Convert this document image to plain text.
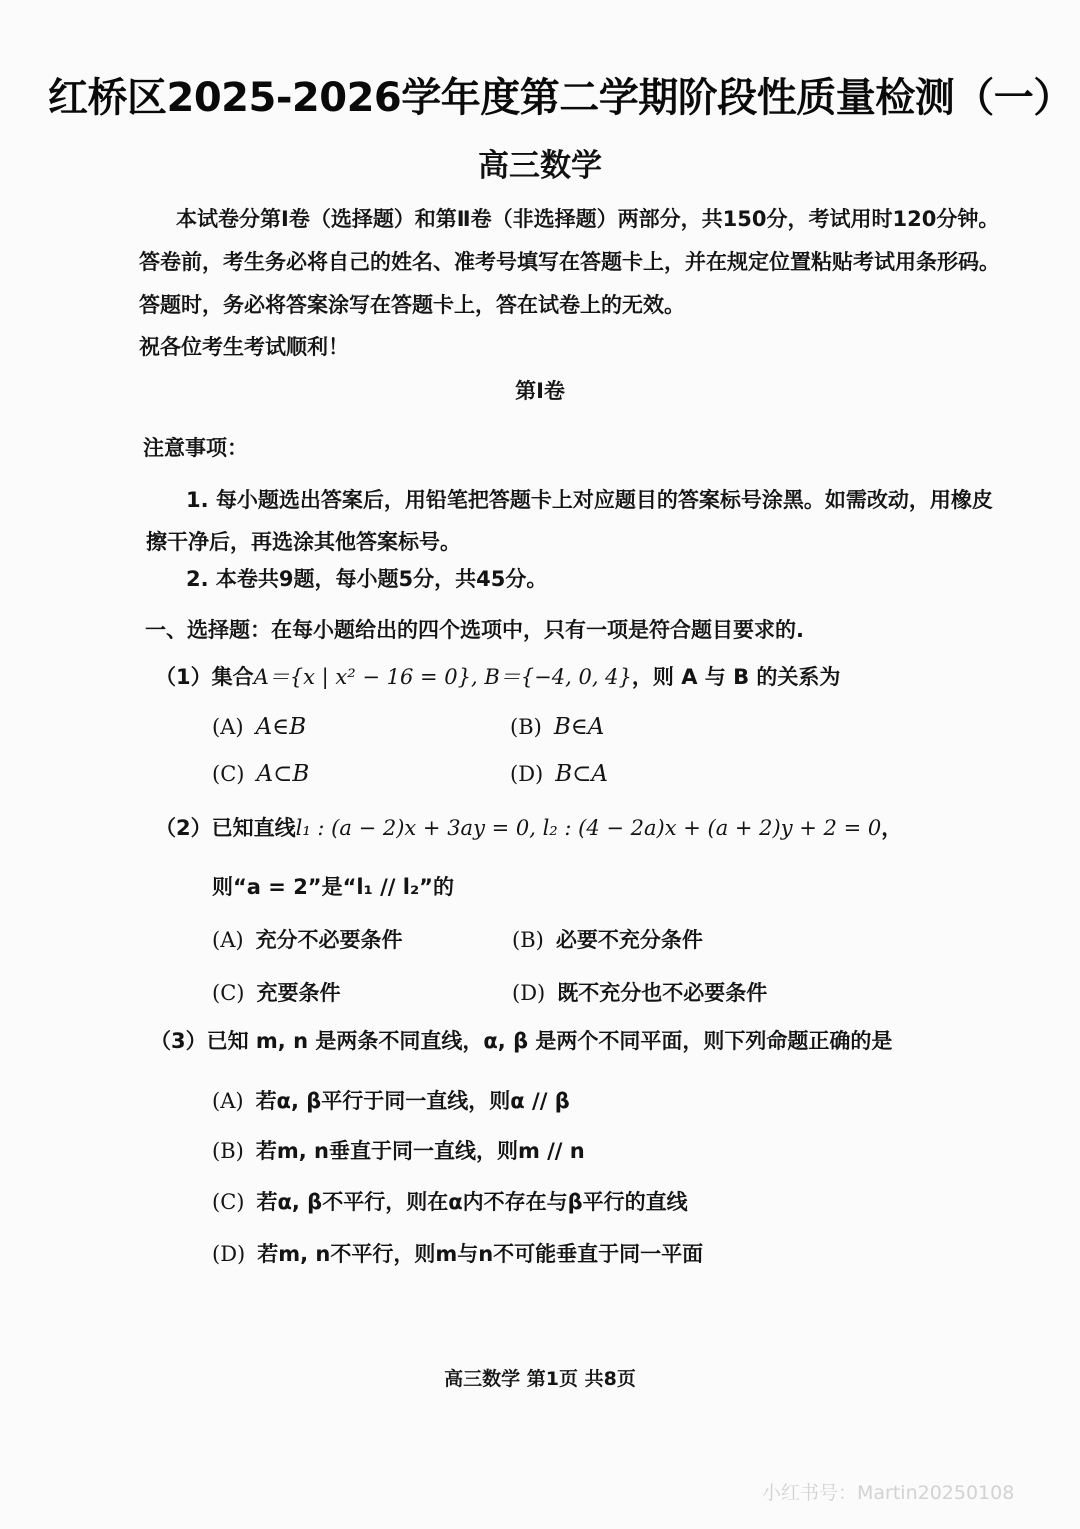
红桥区2025-2026学年度第二学期阶段性质量检测（一）
高三数学
本试卷分第Ⅰ卷（选择题）和第Ⅱ卷（非选择题）两部分，共150分，考试用时120分钟。
答卷前，考生务必将自己的姓名、准考号填写在答题卡上，并在规定位置粘贴考试用条形码。
答题时，务必将答案涂写在答题卡上，答在试卷上的无效。
祝各位考生考试顺利！
第Ⅰ卷
注意事项：
1. 每小题选出答案后，用铅笔把答题卡上对应题目的答案标号涂黑。如需改动，用橡皮
擦干净后，再选涂其他答案标号。
2. 本卷共9题，每小题5分，共45分。
一、选择题：在每小题给出的四个选项中，只有一项是符合题目要求的.
（1）集合A＝{x | x² − 16 = 0}, B＝{−4, 0, 4}，则 A 与 B 的关系为
(A) A∈B	(B) B∈A
(C) A⊂B	(D) B⊂A
（2）已知直线l₁ : (a − 2)x + 3ay = 0, l₂ : (4 − 2a)x + (a + 2)y + 2 = 0，
则“a = 2”是“l₁ // l₂”的
(A) 充分不必要条件	(B) 必要不充分条件
(C) 充要条件	(D) 既不充分也不必要条件
（3）已知 m, n 是两条不同直线，α, β 是两个不同平面，则下列命题正确的是
(A) 若α, β平行于同一直线，则α // β
(B) 若m, n垂直于同一直线，则m // n
(C) 若α, β不平行，则在α内不存在与β平行的直线
(D) 若m, n不平行，则m与n不可能垂直于同一平面
高三数学 第1页 共8页
小红书号：Martin20250108
